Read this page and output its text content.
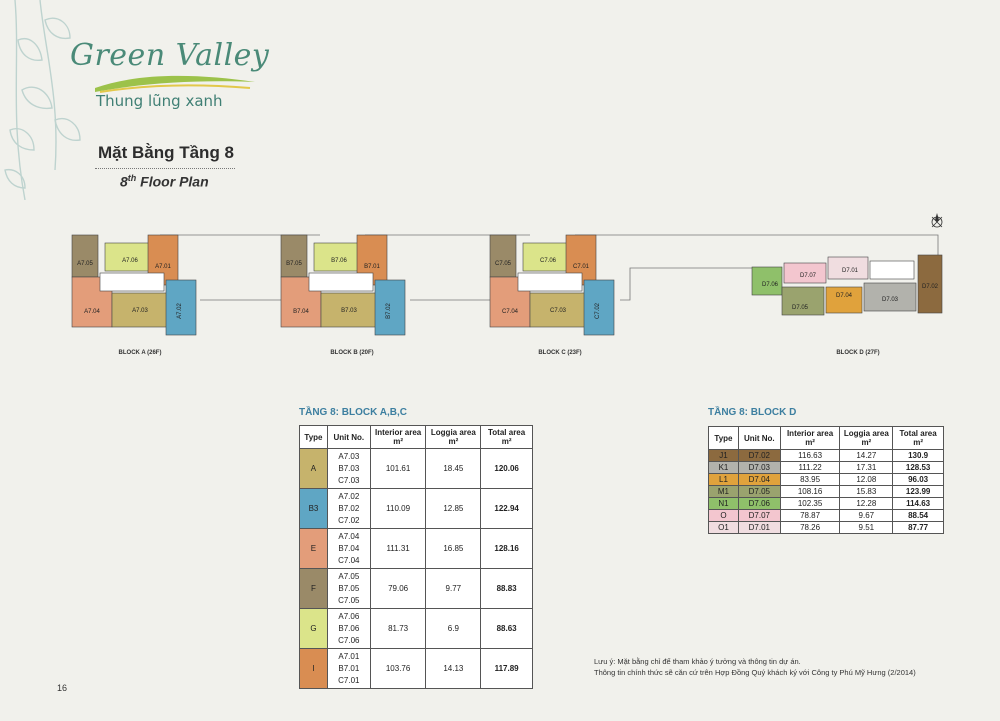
Green Valley
Thung lũng xanh
Mặt Bằng Tầng 8
8th Floor Plan
A7.05	A7.06
A7.01
A7.04	A7.03	A7.02
B7.05	B7.06
B7.01
B7.04	B7.03	B7.02
C7.05	C7.06
C7.01
C7.04	C7.03	C7.02
D7.06
D7.07
D7.01
D7.02
D7.05
D7.04
D7.03
BLOCK A (26F)	BLOCK B (20F)	BLOCK C (23F)	BLOCK D (27F)
TẦNG 8: BLOCK A,B,C
Type	Unit No.	Interior area
m²	Loggia area
m²	Total area
m²
A	A7.03
B7.03
C7.03	101.61	18.45	120.06
B3	A7.02
B7.02
C7.02	110.09	12.85	122.94
E	A7.04
B7.04
C7.04	111.31	16.85	128.16
F	A7.05
B7.05
C7.05	79.06	9.77	88.83
G	A7.06
B7.06
C7.06	81.73	6.9	88.63
I	A7.01
B7.01
C7.01	103.76	14.13	117.89
TẦNG 8: BLOCK D
Type	Unit No.	Interior area
m²	Loggia area
m²	Total area
m²
J1	D7.02	116.63	14.27	130.9
K1	D7.03	111.22	17.31	128.53
L1	D7.04	83.95	12.08	96.03
M1	D7.05	108.16	15.83	123.99
N1	D7.06	102.35	12.28	114.63
O	D7.07	78.87	9.67	88.54
O1	D7.01	78.26	9.51	87.77
Lưu ý: Mặt bằng chỉ để tham khảo ý tưởng và thông tin dự án.
Thông tin chính thức sẽ căn cứ trên Hợp Đồng Quý khách ký với Công ty Phú Mỹ Hưng (2/2014)
16
